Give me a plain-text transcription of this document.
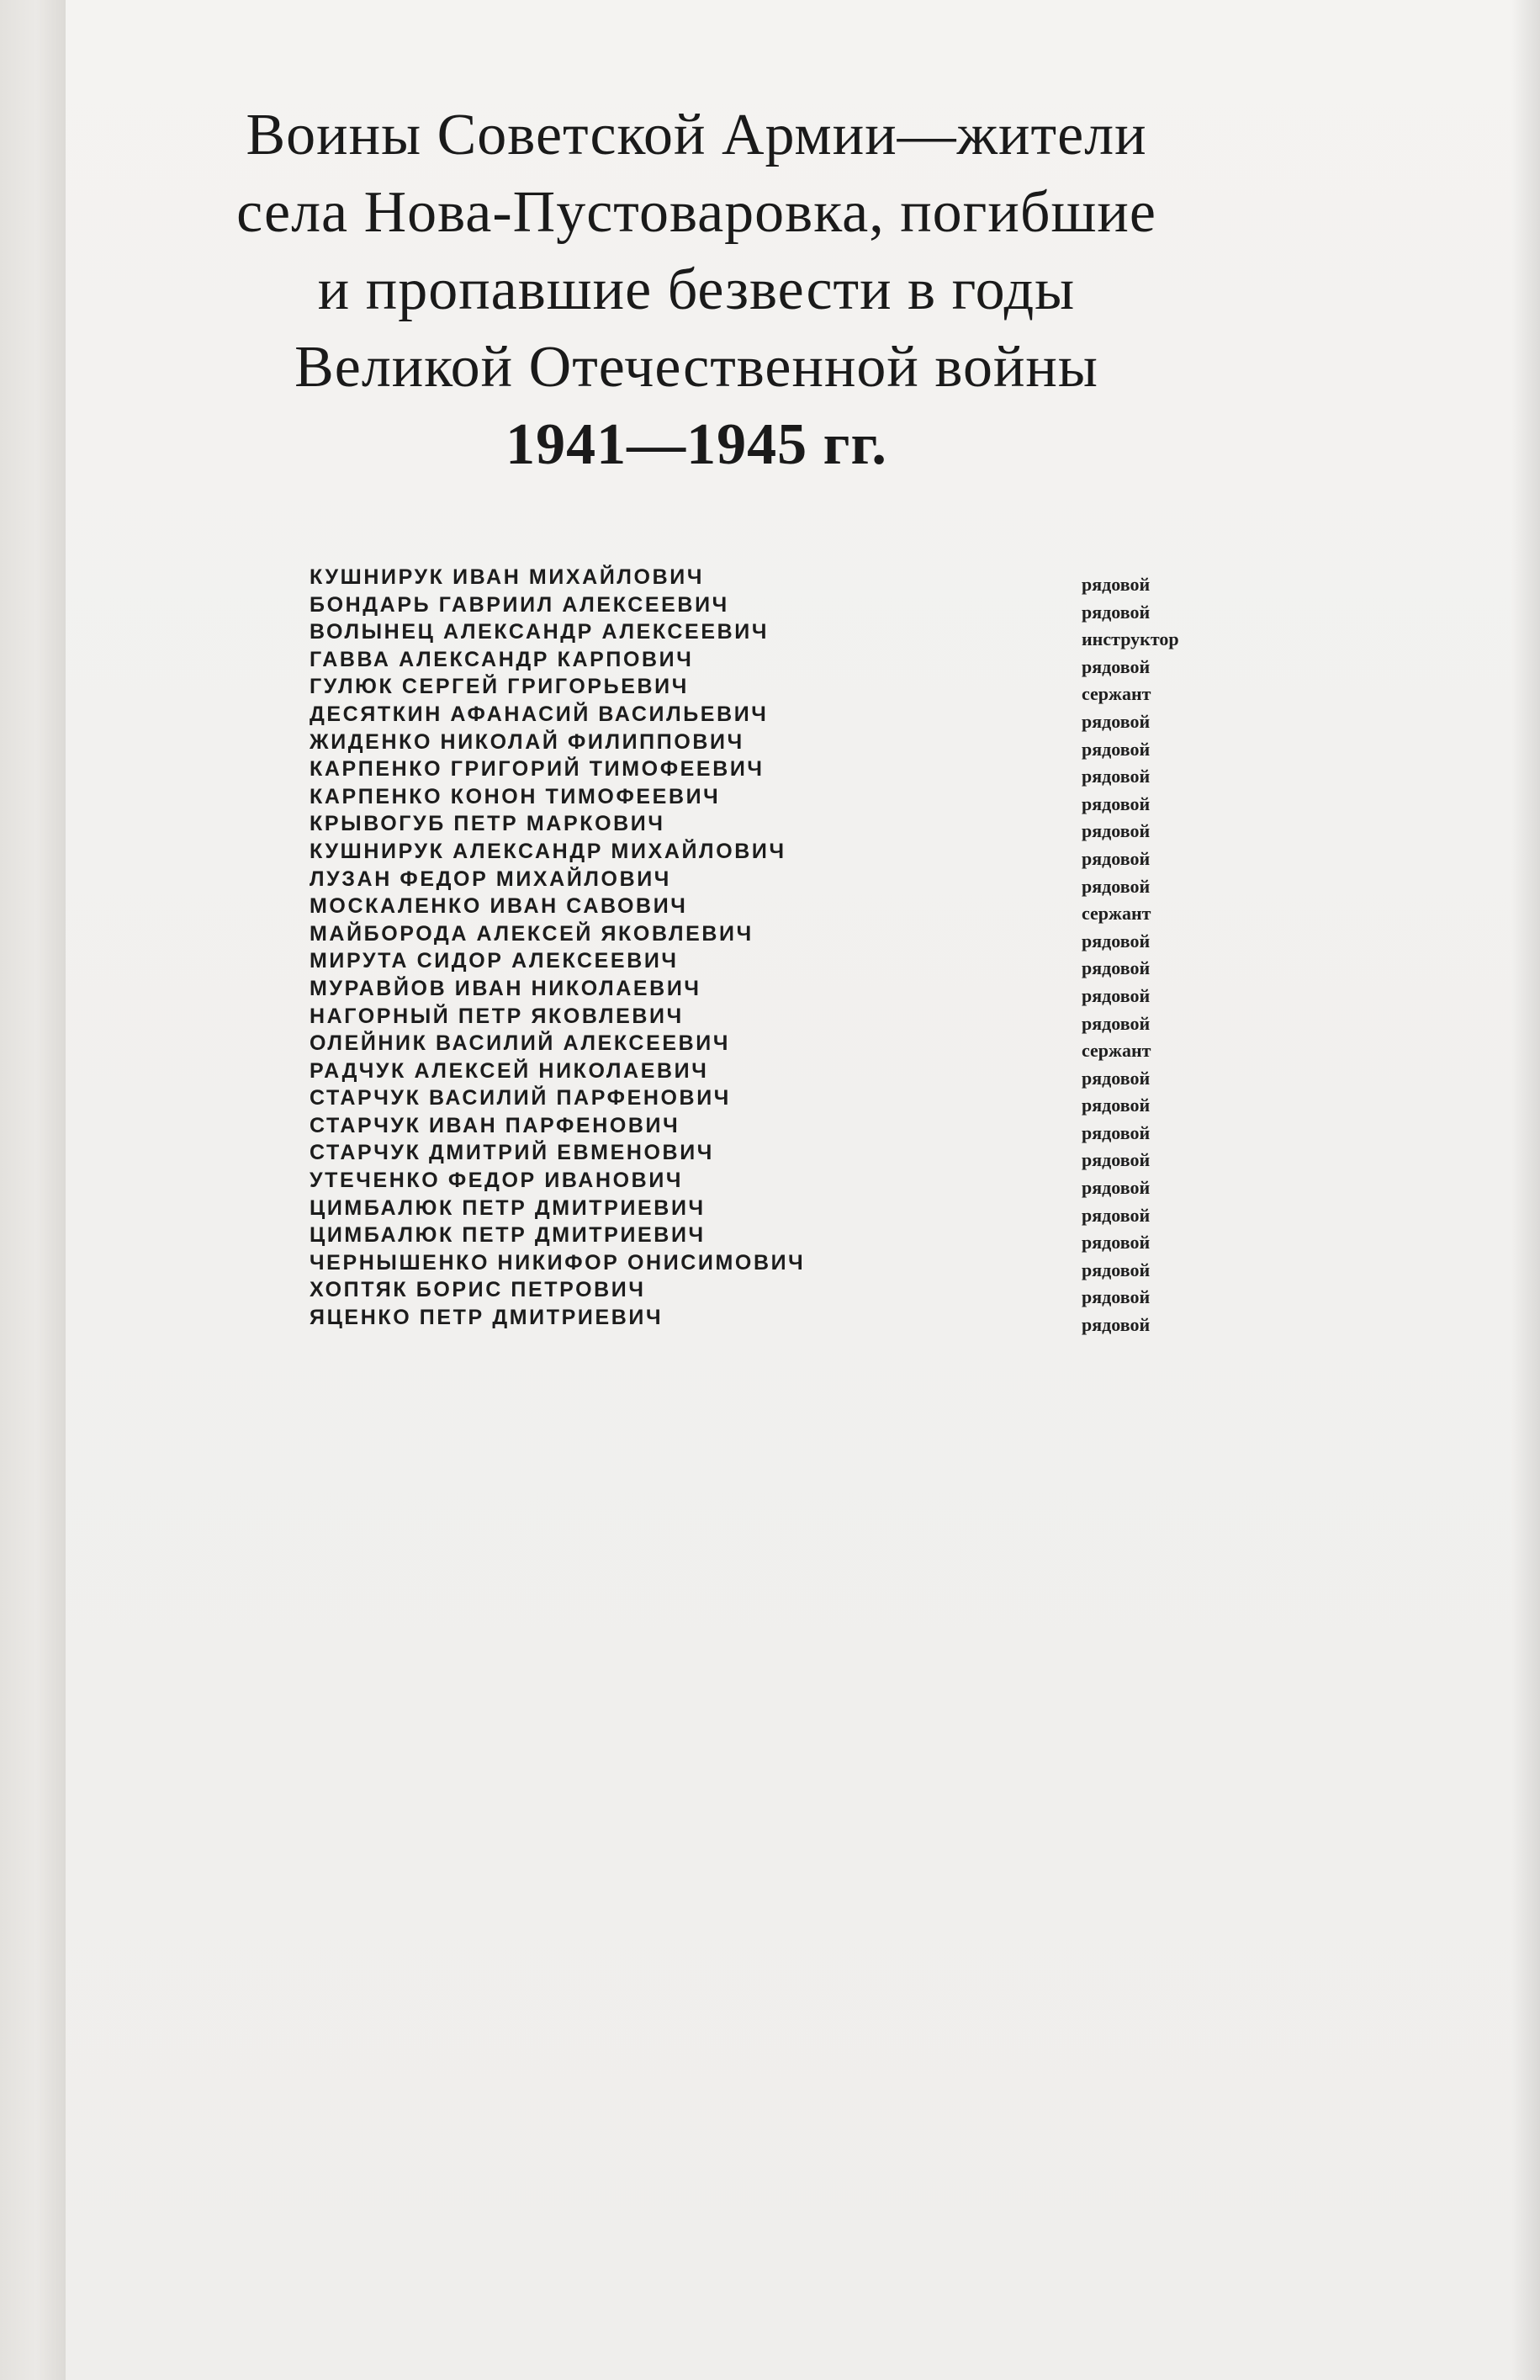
Воины Советской Армии—жители
села Нова-Пустоваровка, погибшие
и пропавшие безвести в годы
Великой Отечественной войны
1941—1945 гг.
КУШНИРУК ИВАН МИХАЙЛОВИЧ	рядовой
БОНДАРЬ ГАВРИИЛ АЛЕКСЕЕВИЧ	рядовой
ВОЛЫНЕЦ АЛЕКСАНДР АЛЕКСЕЕВИЧ	инструктор
ГАВВА АЛЕКСАНДР КАРПОВИЧ	рядовой
ГУЛЮК СЕРГЕЙ ГРИГОРЬЕВИЧ	сержант
ДЕСЯТКИН АФАНАСИЙ ВАСИЛЬЕВИЧ	рядовой
ЖИДЕНКО НИКОЛАЙ ФИЛИППОВИЧ	рядовой
КАРПЕНКО ГРИГОРИЙ ТИМОФЕЕВИЧ	рядовой
КАРПЕНКО КОНОН ТИМОФЕЕВИЧ	рядовой
КРЫВОГУБ ПЕТР МАРКОВИЧ	рядовой
КУШНИРУК АЛЕКСАНДР МИХАЙЛОВИЧ	рядовой
ЛУЗАН ФЕДОР МИХАЙЛОВИЧ	рядовой
МОСКАЛЕНКО ИВАН САВОВИЧ	сержант
МАЙБОРОДА АЛЕКСЕЙ ЯКОВЛЕВИЧ	рядовой
МИРУТА СИДОР АЛЕКСЕЕВИЧ	рядовой
МУРАВЙОВ ИВАН НИКОЛАЕВИЧ	рядовой
НАГОРНЫЙ ПЕТР ЯКОВЛЕВИЧ	рядовой
ОЛЕЙНИК ВАСИЛИЙ АЛЕКСЕЕВИЧ	сержант
РАДЧУК АЛЕКСЕЙ НИКОЛАЕВИЧ	рядовой
СТАРЧУК ВАСИЛИЙ ПАРФЕНОВИЧ	рядовой
СТАРЧУК ИВАН ПАРФЕНОВИЧ	рядовой
СТАРЧУК ДМИТРИЙ ЕВМЕНОВИЧ	рядовой
УТЕЧЕНКО ФЕДОР ИВАНОВИЧ	рядовой
ЦИМБАЛЮК ПЕТР ДМИТРИЕВИЧ	рядовой
ЦИМБАЛЮК ПЕТР ДМИТРИЕВИЧ	рядовой
ЧЕРНЫШЕНКО НИКИФОР ОНИСИМОВИЧ	рядовой
ХОПТЯК БОРИС ПЕТРОВИЧ	рядовой
ЯЦЕНКО ПЕТР ДМИТРИЕВИЧ	рядовой
